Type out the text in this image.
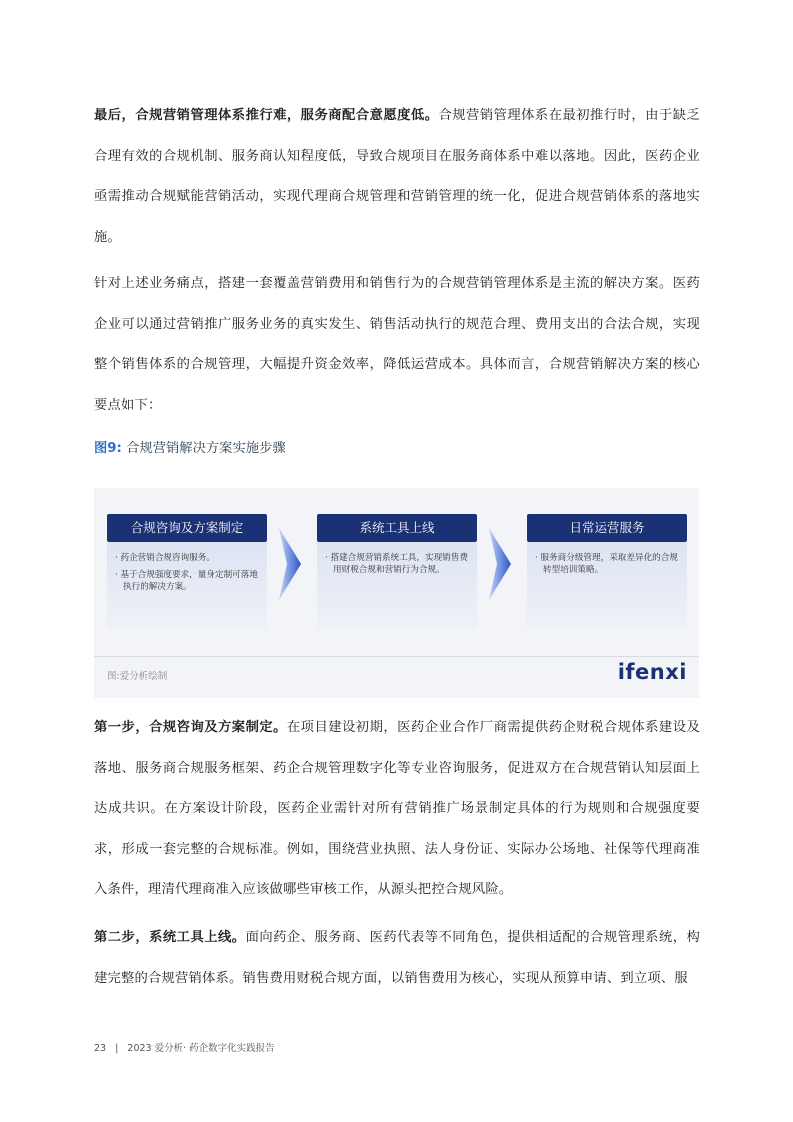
最后，合规营销管理体系推行难，服务商配合意愿度低。合规营销管理体系在最初推行时，由于缺乏合理有效的合规机制、服务商认知程度低，导致合规项目在服务商体系中难以落地。因此，医药企业亟需推动合规赋能营销活动，实现代理商合规管理和营销管理的统一化，促进合规营销体系的落地实施。

针对上述业务痛点，搭建一套覆盖营销费用和销售行为的合规营销管理体系是主流的解决方案。医药企业可以通过营销推广服务业务的真实发生、销售活动执行的规范合理、费用支出的合法合规，实现整个销售体系的合规管理，大幅提升资金效率，降低运营成本。具体而言，合规营销解决方案的核心要点如下：

图9: 合规营销解决方案实施步骤
合规咨询及方案制定
· 药企营销合规咨询服务。
· 基于合规强度要求，量身定制可落地执行的解决方案。
系统工具上线
· 搭建合规营销系统工具，实现销售费用财税合规和营销行为合规。
日常运营服务
· 服务商分级管理，采取差异化的合规转型培训策略。
图:爱分析绘制	ifenxi

第一步，合规咨询及方案制定。在项目建设初期，医药企业合作厂商需提供药企财税合规体系建设及落地、服务商合规服务框架、药企合规管理数字化等专业咨询服务，促进双方在合规营销认知层面上达成共识。在方案设计阶段，医药企业需针对所有营销推广场景制定具体的行为规则和合规强度要求，形成一套完整的合规标准。例如，围绕营业执照、法人身份证、实际办公场地、社保等代理商准入条件，理清代理商准入应该做哪些审核工作，从源头把控合规风险。

第二步，系统工具上线。面向药企、服务商、医药代表等不同角色，提供相适配的合规管理系统，构建完整的合规营销体系。销售费用财税合规方面，以销售费用为核心，实现从预算申请、到立项、服

23 | 2023 爱分析· 药企数字化实践报告
